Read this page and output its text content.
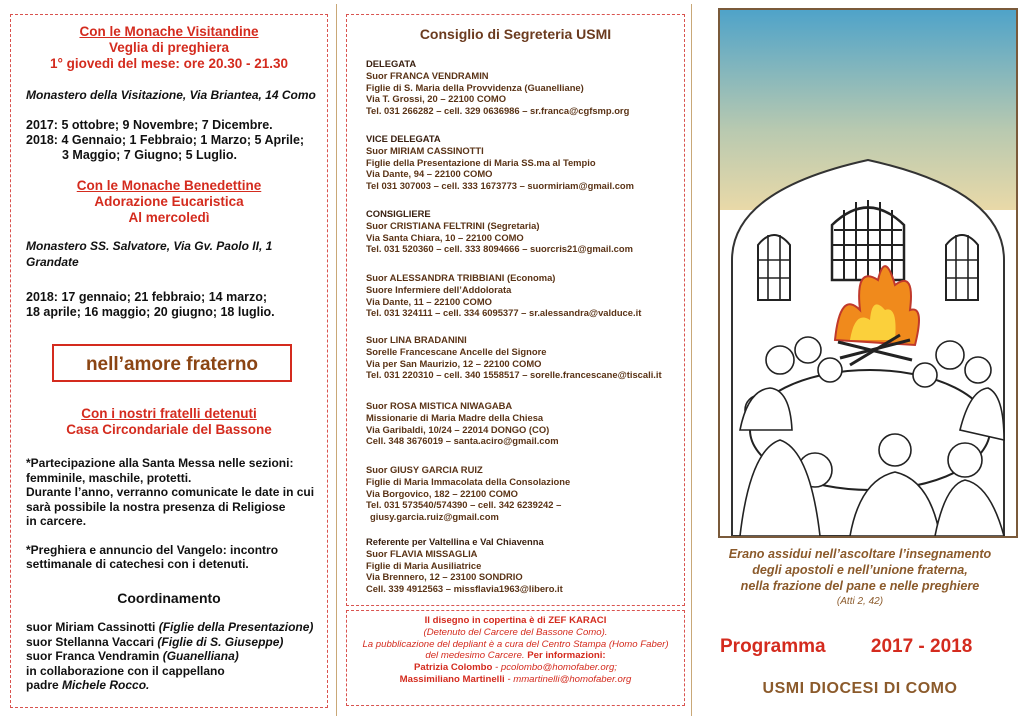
Con le Monache Visitandine
Veglia di preghiera
1° giovedì del mese: ore 20.30 - 21.30
Monastero della Visitazione, Via Briantea, 14 Como
2017: 5 ottobre; 9 Novembre; 7 Dicembre.
2018: 4 Gennaio; 1 Febbraio; 1 Marzo; 5 Aprile;
3 Maggio; 7 Giugno; 5 Luglio.
Con le Monache Benedettine
Adorazione Eucaristica
Al mercoledì
Monastero SS. Salvatore, Via Gv. Paolo II, 1
Grandate
2018: 17 gennaio; 21 febbraio; 14 marzo;
18 aprile; 16 maggio; 20 giugno; 18 luglio.
nell’amore fraterno
Con i nostri fratelli detenuti
Casa Circondariale del Bassone
*Partecipazione alla Santa Messa nelle sezioni:
femminile, maschile, protetti.
Durante l’anno, verranno comunicate le date in cui
sarà possibile la nostra presenza di Religiose
in carcere.
*Preghiera e annuncio del Vangelo: incontro
settimanale di catechesi con i detenuti.
Coordinamento
suor Miriam Cassinotti (Figlie della Presentazione)
suor Stellanna Vaccari (Figlie di S. Giuseppe)
suor Franca Vendramin (Guanelliana)
in collaborazione con il cappellano
padre Michele Rocco.
Consiglio di Segreteria USMI
DELEGATA
Suor FRANCA VENDRAMIN
Figlie di S. Maria della Provvidenza (Guanelliane)
Via T. Grossi, 20 – 22100 COMO
Tel. 031 266282 – cell. 329 0636986 – sr.franca@cgfsmp.org
VICE DELEGATA
Suor MIRIAM CASSINOTTI
Figlie della Presentazione di Maria SS.ma al Tempio
Via Dante, 94 – 22100 COMO
Tel 031 307003 – cell. 333 1673773 – suormiriam@gmail.com
CONSIGLIERE
Suor CRISTIANA FELTRINI (Segretaria)
Via Santa Chiara, 10 – 22100 COMO
Tel. 031 520360 – cell. 333 8094666 – suorcris21@gmail.com
Suor ALESSANDRA TRIBBIANI (Economa)
Suore Infermiere dell’Addolorata
Via Dante, 11 – 22100 COMO
Tel. 031 324111 – cell. 334 6095377 – sr.alessandra@valduce.it
Suor LINA BRADANINI
Sorelle Francescane Ancelle del Signore
Via per San Maurizio, 12 – 22100 COMO
Tel. 031 220310 – cell. 340 1558517 – sorelle.francescane@tiscali.it
Suor ROSA MISTICA NIWAGABA
Missionarie di Maria Madre della Chiesa
Via Garibaldi, 10/24 – 22014 DONGO (CO)
Cell. 348 3676019 – santa.aciro@gmail.com
Suor GIUSY GARCIA RUIZ
Figlie di Maria Immacolata della Consolazione
Via Borgovico, 182 – 22100 COMO
Tel. 031 573540/574390 – cell. 342 6239242 –
giusy.garcia.ruiz@gmail.com
Referente per Valtellina e Val Chiavenna
Suor FLAVIA MISSAGLIA
Figlie di Maria Ausiliatrice
Via Brennero, 12 – 23100 SONDRIO
Cell. 339 4912563 – missflavia1963@libero.it
Il disegno in copertina è di ZEF KARACI
(Detenuto del Carcere del Bassone Como).
La pubblicazione del depliant è a cura del Centro Stampa (Homo Faber)
del medesimo Carcere. Per informazioni:
Patrizia Colombo - pcolombo@homofaber.org;
Massimiliano Martinelli - mmartinelli@homofaber.org
Erano assidui nell’ascoltare l’insegnamento
degli apostoli e nell’unione fraterna,
nella frazione del pane e nelle preghiere
(Atti 2, 42)
Programma 2017 - 2018
USMI DIOCESI DI COMO
